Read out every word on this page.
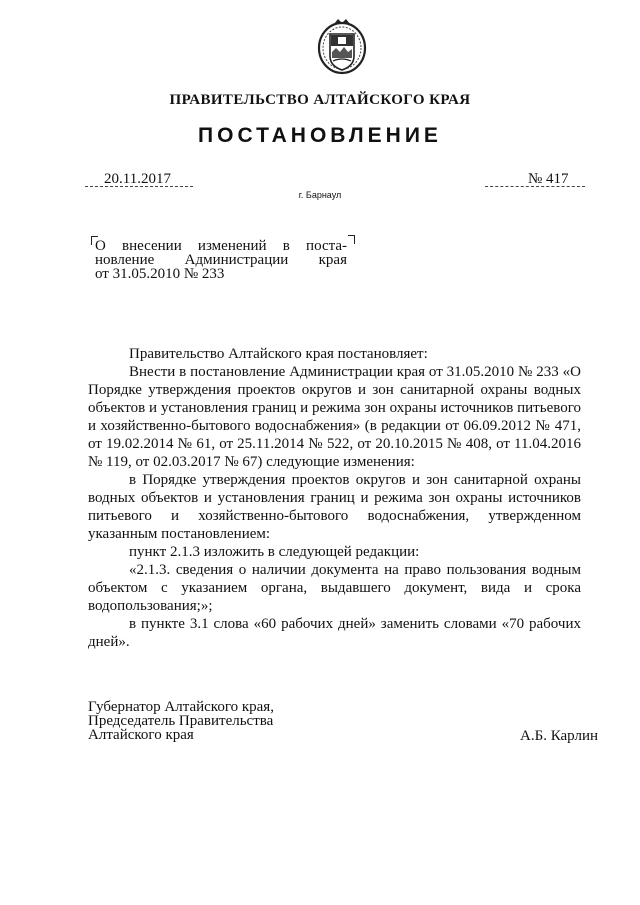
ПРАВИТЕЛЬСТВО АЛТАЙСКОГО КРАЯ
ПОСТАНОВЛЕНИЕ
20.11.2017	№ 417
г. Барнаул
О внесении изменений в поста-
новление Администрации края
от 31.05.2010 № 233
Правительство Алтайского края постановляет:
Внести в постановление Администрации края от 31.05.2010 № 233 «О Порядке утверждения проектов округов и зон санитарной охраны водных объектов и установления границ и режима зон охраны источников питьевого и хозяйственно-бытового водоснабжения» (в редакции от 06.09.2012 № 471, от 19.02.2014 № 61, от 25.11.2014 № 522, от 20.10.2015 № 408, от 11.04.2016 № 119, от 02.03.2017 № 67) следующие изменения:
в Порядке утверждения проектов округов и зон санитарной охраны водных объектов и установления границ и режима зон охраны источников питьевого и хозяйственно-бытового водоснабжения, утвержденном указанным постановлением:
пункт 2.1.3 изложить в следующей редакции:
«2.1.3. сведения о наличии документа на право пользования водным объектом с указанием органа, выдавшего документ, вида и срока водопользования;»;
в пункте 3.1 слова «60 рабочих дней» заменить словами «70 рабочих дней».
Губернатор Алтайского края,
Председатель Правительства
Алтайского края	А.Б. Карлин
